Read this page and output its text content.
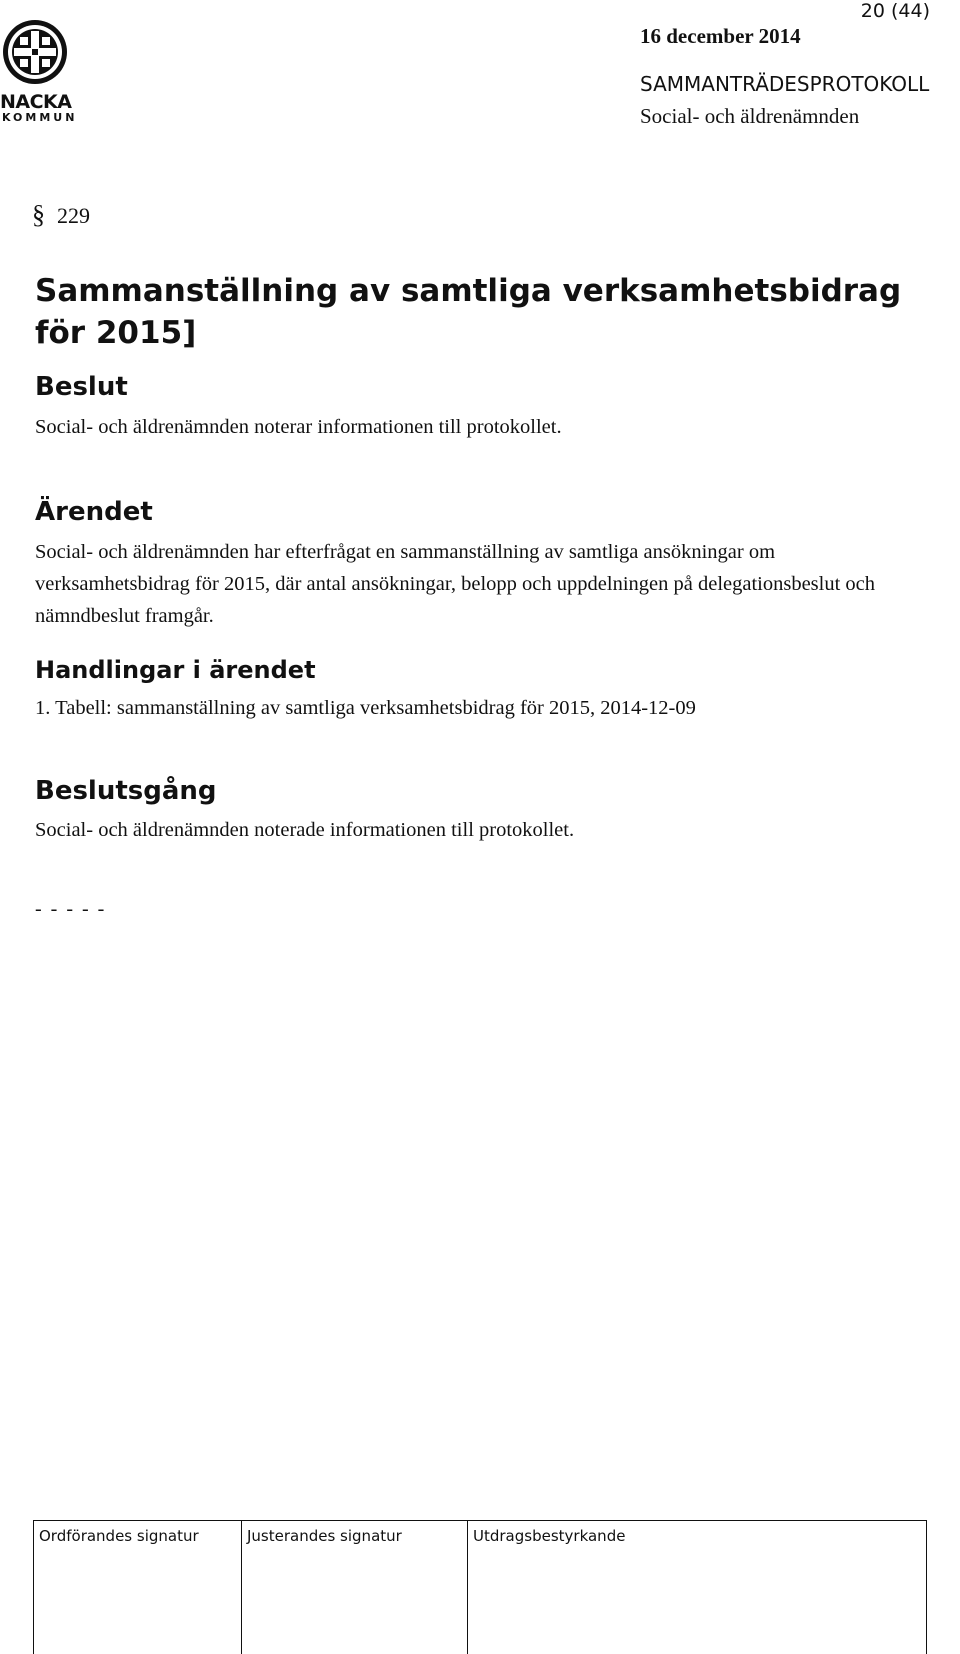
NACKA
KOMMUN
20 (44)
16 december 2014
SAMMANTRÄDESPROTOKOLL
Social- och äldrenämnden
§ 229
Sammanställning av samtliga verksamhetsbidrag för 2015]
Beslut

Social- och äldrenämnden noterar informationen till protokollet.

Ärendet

Social- och äldrenämnden har efterfrågat en sammanställning av samtliga ansökningar om verksamhetsbidrag för 2015, där antal ansökningar, belopp och uppdelningen på delegationsbeslut och nämndbeslut framgår.

Handlingar i ärendet

1. Tabell: sammanställning av samtliga verksamhetsbidrag för 2015, 2014-12-09

Beslutsgång

Social- och äldrenämnden noterade informationen till protokollet.

- - - - -
Ordförandes signatur	Justerandes signatur	Utdragsbestyrkande
